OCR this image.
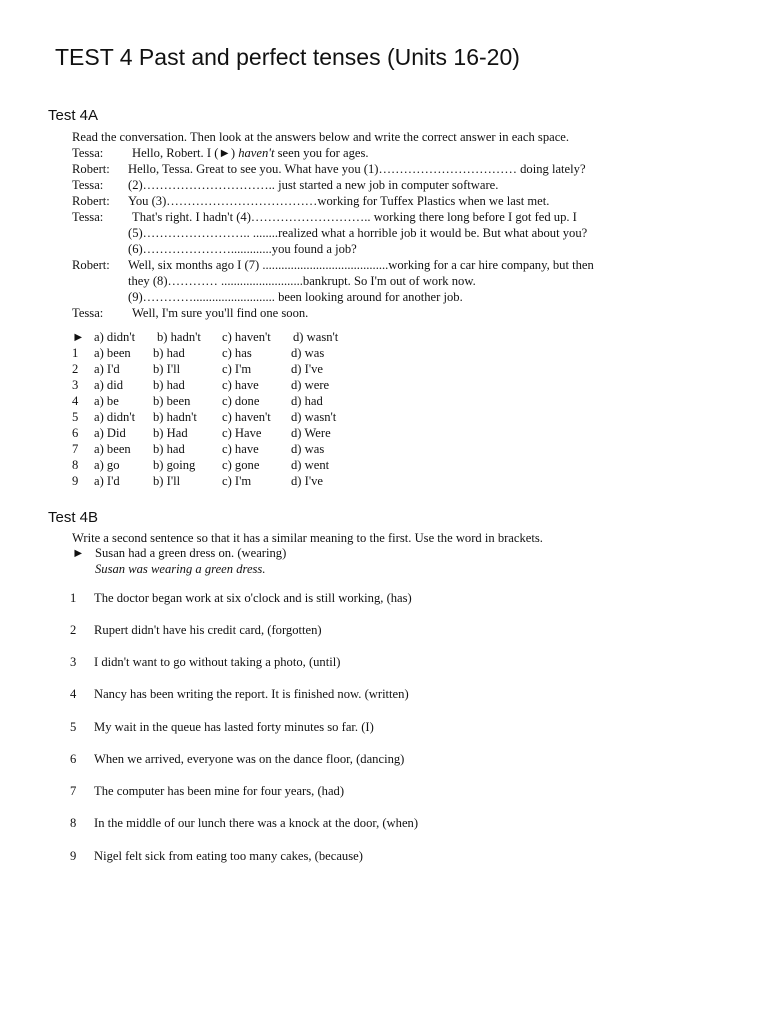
TEST 4 Past and perfect tenses (Units 16-20)
Test 4A
Read the conversation. Then look at the answers below and write the correct answer in each space.
Tessa: Hello, Robert. I (►) haven't seen you for ages.
Robert: Hello, Tessa. Great to see you. What have you (1)…………………………… doing lately?
Tessa: (2)………………………….. just started a new job in computer software.
Robert: You (3)………………………………working for Tuffex Plastics when we last met.
Tessa: That's right. I hadn't (4)……………………….. working there long before I got fed up. I
(5)…………………….. ........realized what a horrible job it would be. But what about you?
(6)………………….............you found a job?
Robert: Well, six months ago I (7) ........................................working for a car hire company, but then
they (8)………… ..........................bankrupt. So I'm out of work now.
(9)………….......................... been looking around for another job.
Tessa: Well, I'm sure you'll find one soon.
► a) didn't b) hadn't c) haven't d) wasn't
1 a) been b) had	c) has	d) was
2 a) I'd	b) I'll	c) I'm	d) I've
3 a) did b) had	c) have	d) were
4 a) be	b) been	c) done	d) had
5 a) didn't b) hadn't c) haven't d) wasn't
6 a) Did b) Had	c) Have d) Were
7 a) been b) had	c) have	d) was
8 a) go	b) going c) gone	d) went
9 a) I'd	b) I'll	c) I'm	d) I've
Test 4B
Write a second sentence so that it has a similar meaning to the first. Use the word in brackets.
► Susan had a green dress on. (wearing)
Susan was wearing a green dress.
1 The doctor began work at six o'clock and is still working, (has)
2 Rupert didn't have his credit card, (forgotten)
3 I didn't want to go without taking a photo, (until)
4 Nancy has been writing the report. It is finished now. (written)
5 My wait in the queue has lasted forty minutes so far. (I)
6 When we arrived, everyone was on the dance floor, (dancing)
7 The computer has been mine for four years, (had)
8 In the middle of our lunch there was a knock at the door, (when)
9 Nigel felt sick from eating too many cakes, (because)
